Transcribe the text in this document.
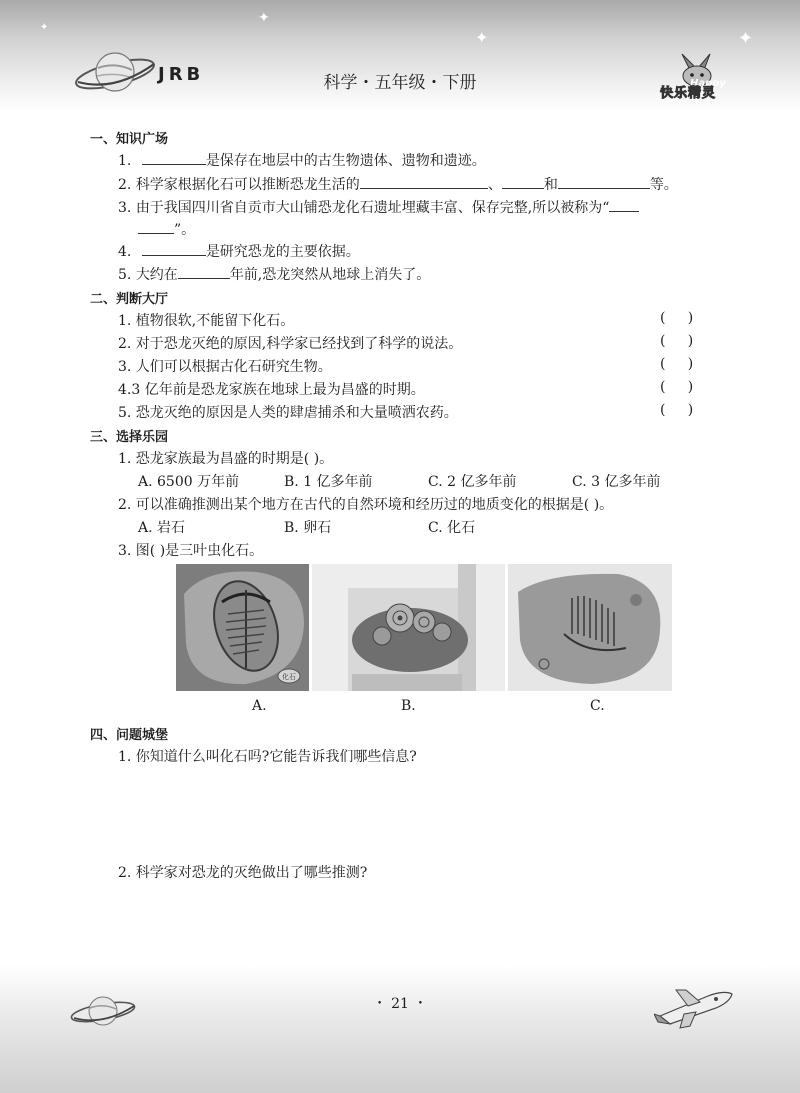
✦
✦	✦
✦
JRB	科学・五年级・下册	Happy
快乐精灵
一、知识广场
1.	是保存在地层中的古生物遗体、遗物和遗迹。
2. 科学家根据化石可以推断恐龙生活的	、	和	等。
3. 由于我国四川省自贡市大山铺恐龙化石遗址埋藏丰富、保存完整,所以被称为“
”。
4.	是研究恐龙的主要依据。
5. 大约在	年前,恐龙突然从地球上消失了。
二、判断大厅
1. 植物很软,不能留下化石。	(     )
2. 对于恐龙灭绝的原因,科学家已经找到了科学的说法。	(     )
3. 人们可以根据古化石研究生物。	(     )
4.3 亿年前是恐龙家族在地球上最为昌盛的时期。	(     )
5. 恐龙灭绝的原因是人类的肆虐捕杀和大量喷洒农药。	(     )
三、选择乐园
1. 恐龙家族最为昌盛的时期是( )。
A. 6500 万年前	B. 1 亿多年前	C. 2 亿多年前	C. 3 亿多年前
2. 可以准确推测出某个地方在古代的自然环境和经历过的地质变化的根据是( )。
A. 岩石	B. 卵石	C. 化石
3. 图( )是三叶虫化石。
化石
A.	B.	C.
四、问题城堡
1. 你知道什么叫化石吗?它能告诉我们哪些信息?
2. 科学家对恐龙的灭绝做出了哪些推测?
・ 21 ・
